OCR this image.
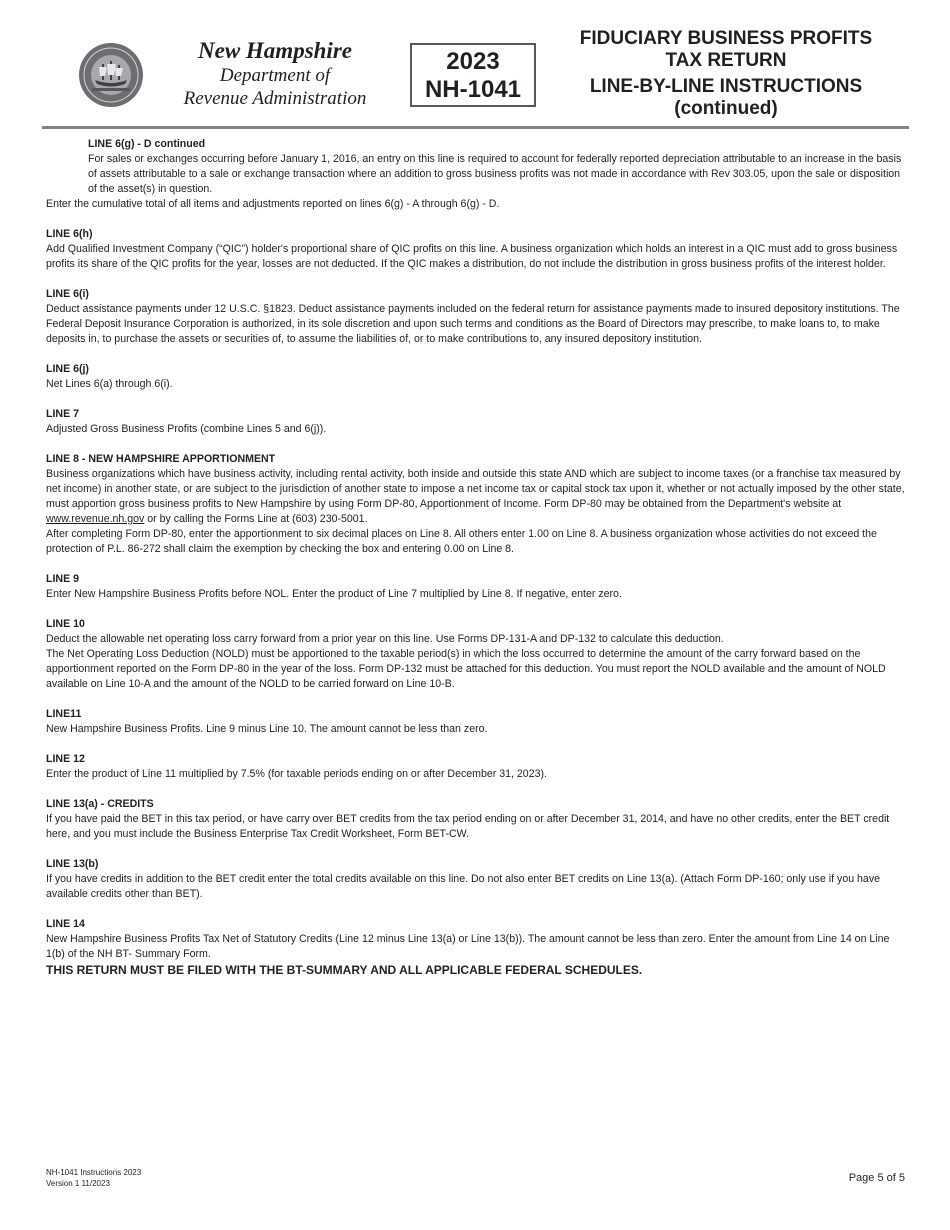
New Hampshire
Department of
Revenue Administration
2023
NH-1041
FIDUCIARY BUSINESS PROFITS
TAX RETURN
LINE-BY-LINE INSTRUCTIONS
(continued)

LINE 6(g) - D continued

For sales or exchanges occurring before January 1, 2016, an entry on this line is required to account for federally reported depreciation attributable to an increase in the basis of assets attributable to a sale or exchange transaction where an addition to gross business profits was not made in accordance with Rev 303.05, upon the sale or disposition of the asset(s) in question.

Enter the cumulative total of all items and adjustments reported on lines 6(g) - A through 6(g) - D.

LINE 6(h)

Add Qualified Investment Company (“QIC”) holder's proportional share of QIC profits on this line. A business organization which holds an interest in a QIC must add to gross business profits its share of the QIC profits for the year, losses are not deducted. If the QIC makes a distribution, do not include the distribution in gross business profits of the interest holder.

LINE 6(i)

Deduct assistance payments under 12 U.S.C. §1823. Deduct assistance payments included on the federal return for assistance payments made to insured depository institutions. The Federal Deposit Insurance Corporation is authorized, in its sole discretion and upon such terms and conditions as the Board of Directors may prescribe, to make loans to, to make deposits in, to purchase the assets or securities of, to assume the liabilities of, or to make contributions to, any insured depository institution.

LINE 6(j)

Net Lines 6(a) through 6(i).

LINE 7

Adjusted Gross Business Profits (combine Lines 5 and 6(j)).

LINE 8 - NEW HAMPSHIRE APPORTIONMENT

Business organizations which have business activity, including rental activity, both inside and outside this state AND which are subject to income taxes (or a franchise tax measured by net income) in another state, or are subject to the jurisdiction of another state to impose a net income tax or capital stock tax upon it, whether or not actually imposed by the other state, must apportion gross business profits to New Hampshire by using Form DP-80, Apportionment of Income. Form DP-80 may be obtained from the Department's website at www.revenue.nh.gov or by calling the Forms Line at (603) 230-5001.

After completing Form DP-80, enter the apportionment to six decimal places on Line 8. All others enter 1.00 on Line 8. A business organization whose activities do not exceed the protection of P.L. 86-272 shall claim the exemption by checking the box and entering 0.00 on Line 8.

LINE 9

Enter New Hampshire Business Profits before NOL. Enter the product of Line 7 multiplied by Line 8. If negative, enter zero.

LINE 10

Deduct the allowable net operating loss carry forward from a prior year on this line. Use Forms DP-131-A and DP-132 to calculate this deduction.

The Net Operating Loss Deduction (NOLD) must be apportioned to the taxable period(s) in which the loss occurred to determine the amount of the carry forward based on the apportionment reported on the Form DP-80 in the year of the loss. Form DP-132 must be attached for this deduction. You must report the NOLD available and the amount of NOLD available on Line 10-A and the amount of the NOLD to be carried forward on Line 10-B.

LINE11

New Hampshire Business Profits. Line 9 minus Line 10. The amount cannot be less than zero.

LINE 12

Enter the product of Line 11 multiplied by 7.5% (for taxable periods ending on or after December 31, 2023).

LINE 13(a) - CREDITS

If you have paid the BET in this tax period, or have carry over BET credits from the tax period ending on or after December 31, 2014, and have no other credits, enter the BET credit here, and you must include the Business Enterprise Tax Credit Worksheet, Form BET-CW.

LINE 13(b)

If you have credits in addition to the BET credit enter the total credits available on this line. Do not also enter BET credits on Line 13(a). (Attach Form DP-160; only use if you have available credits other than BET).

LINE 14

New Hampshire Business Profits Tax Net of Statutory Credits (Line 12 minus Line 13(a) or Line 13(b)). The amount cannot be less than zero. Enter the amount from Line 14 on Line 1(b) of the NH BT- Summary Form.

THIS RETURN MUST BE FILED WITH THE BT-SUMMARY AND ALL APPLICABLE FEDERAL SCHEDULES.

NH-1041 Instructions 2023
Version 1 11/2023	Page 5 of 5
